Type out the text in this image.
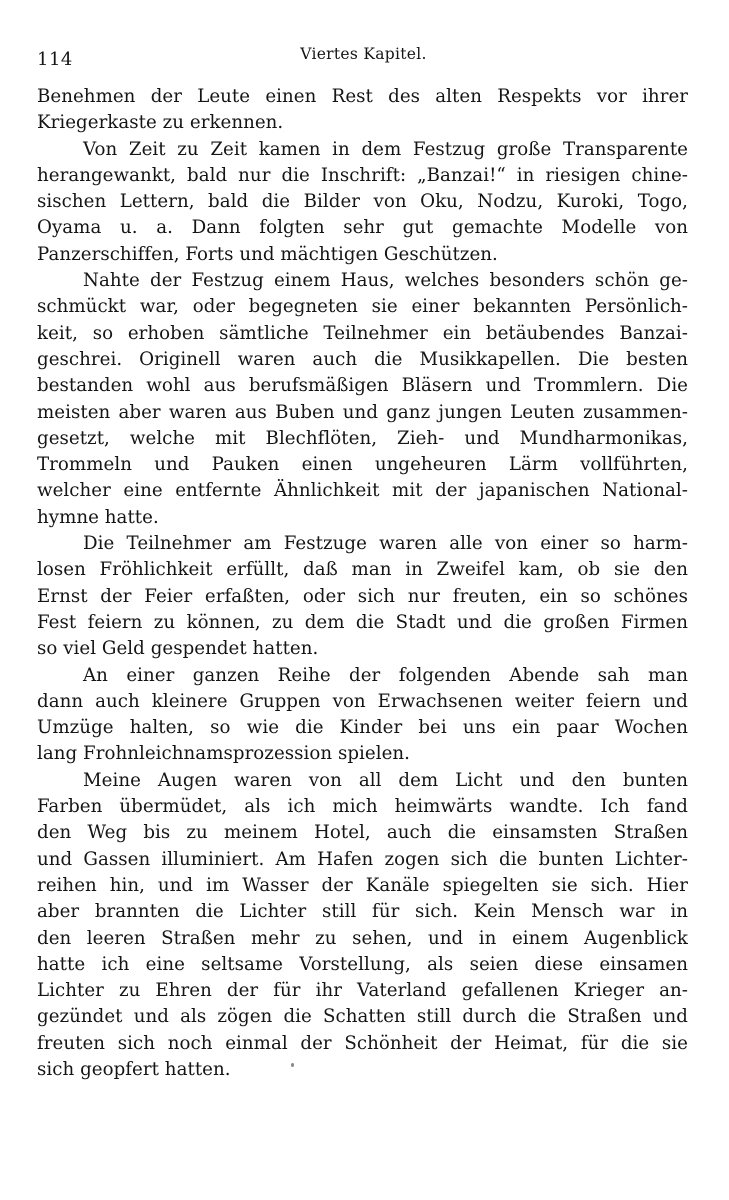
114	Viertes Kapitel.
Benehmen der Leute einen Rest des alten Respekts vor ihrer
Kriegerkaste zu erkennen.
Von Zeit zu Zeit kamen in dem Festzug große Transparente
herangewankt, bald nur die Inschrift: „Banzai!“ in riesigen chine-
sischen Lettern, bald die Bilder von Oku, Nodzu, Kuroki, Togo,
Oyama u. a. Dann folgten sehr gut gemachte Modelle von
Panzerschiffen, Forts und mächtigen Geschützen.
Nahte der Festzug einem Haus, welches besonders schön ge-
schmückt war, oder begegneten sie einer bekannten Persönlich-
keit, so erhoben sämtliche Teilnehmer ein betäubendes Banzai-
geschrei. Originell waren auch die Musikkapellen. Die besten
bestanden wohl aus berufsmäßigen Bläsern und Trommlern. Die
meisten aber waren aus Buben und ganz jungen Leuten zusammen-
gesetzt, welche mit Blechflöten, Zieh- und Mundharmonikas,
Trommeln und Pauken einen ungeheuren Lärm vollführten,
welcher eine entfernte Ähnlichkeit mit der japanischen National-
hymne hatte.
Die Teilnehmer am Festzuge waren alle von einer so harm-
losen Fröhlichkeit erfüllt, daß man in Zweifel kam, ob sie den
Ernst der Feier erfaßten, oder sich nur freuten, ein so schönes
Fest feiern zu können, zu dem die Stadt und die großen Firmen
so viel Geld gespendet hatten.
An einer ganzen Reihe der folgenden Abende sah man
dann auch kleinere Gruppen von Erwachsenen weiter feiern und
Umzüge halten, so wie die Kinder bei uns ein paar Wochen
lang Frohnleichnamsprozession spielen.
Meine Augen waren von all dem Licht und den bunten
Farben übermüdet, als ich mich heimwärts wandte. Ich fand
den Weg bis zu meinem Hotel, auch die einsamsten Straßen
und Gassen illuminiert. Am Hafen zogen sich die bunten Lichter-
reihen hin, und im Wasser der Kanäle spiegelten sie sich. Hier
aber brannten die Lichter still für sich. Kein Mensch war in
den leeren Straßen mehr zu sehen, und in einem Augenblick
hatte ich eine seltsame Vorstellung, als seien diese einsamen
Lichter zu Ehren der für ihr Vaterland gefallenen Krieger an-
gezündet und als zögen die Schatten still durch die Straßen und
freuten sich noch einmal der Schönheit der Heimat, für die sie
sich geopfert hatten.
